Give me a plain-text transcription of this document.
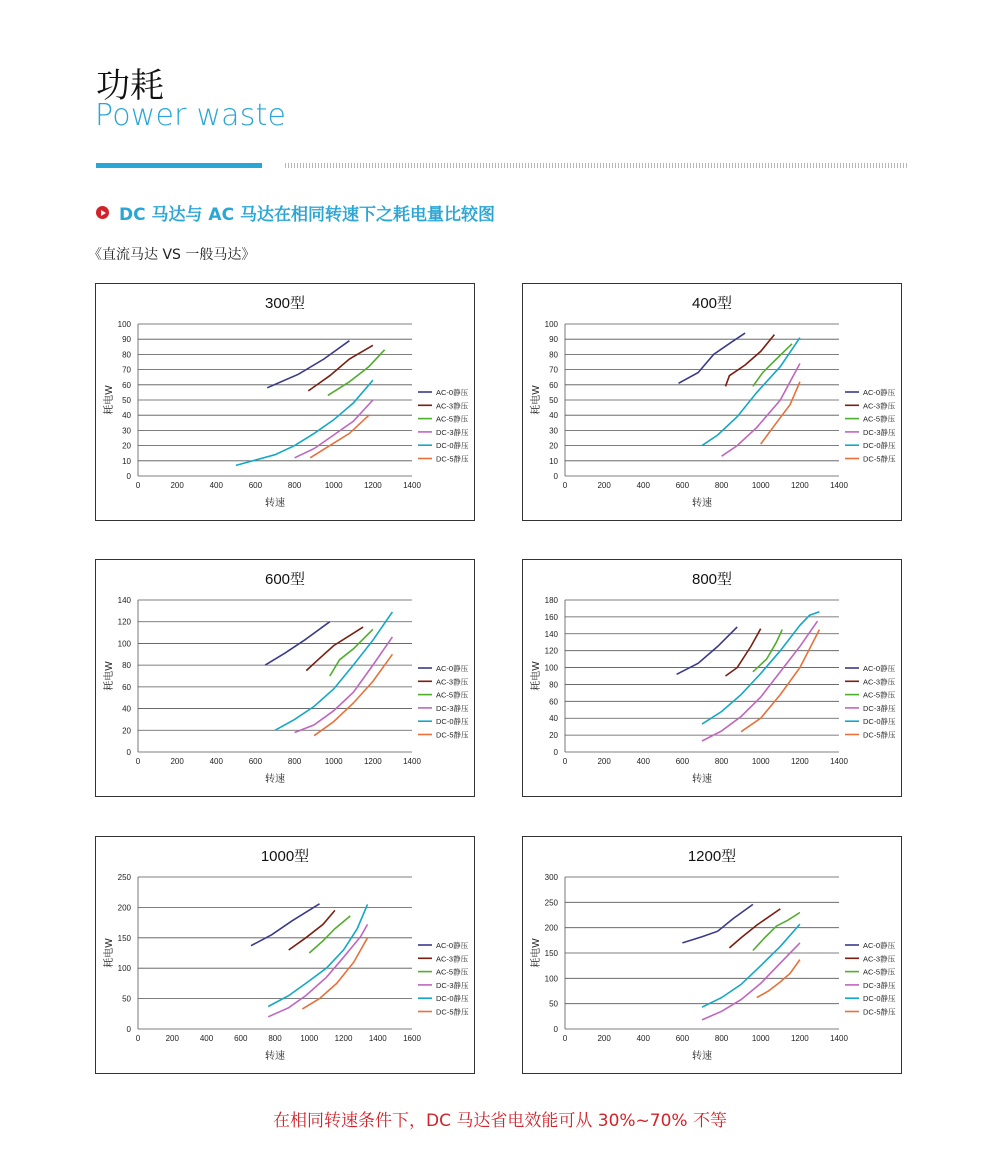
功耗
Power waste
DC 马达与 AC 马达在相同转速下之耗电量比较图
《直流马达 VS 一般马达》
300型
0
10
20
30
40
50
60
70
80
90
100
0	200	400	600	800	1000	1200	1400
转速
耗电W	AC-0静压
AC-3静压
AC-5静压
DC-3静压
DC-0静压
DC-5静压
400型
0
10
20
30
40
50
60
70
80
90
100
0	200	400	600	800	1000	1200	1400
转速
耗电W	AC-0静压
AC-3静压
AC-5静压
DC-3静压
DC-0静压
DC-5静压
600型
0
20
40
60
80
100
120
140
0	200	400	600	800	1000	1200	1400
转速
耗电W	AC-0静压
AC-3静压
AC-5静压
DC-3静压
DC-0静压
DC-5静压
800型
0
20
40
60
80
100
120
140
160
180
0	200	400	600	800	1000	1200	1400
转速
耗电W	AC-0静压
AC-3静压
AC-5静压
DC-3静压
DC-0静压
DC-5静压
1000型
0
50
100
150
200
250
0	200	400	600	800 1000 1200 1400 1600
转速
耗电W	AC-0静压
AC-3静压
AC-5静压
DC-3静压
DC-0静压
DC-5静压
1200型
0
50
100
150
200
250
300
0	200	400	600	800	1000	1200	1400
转速
耗电W	AC-0静压
AC-3静压
AC-5静压
DC-3静压
DC-0静压
DC-5静压
在相同转速条件下，DC 马达省电效能可从 30%~70% 不等
